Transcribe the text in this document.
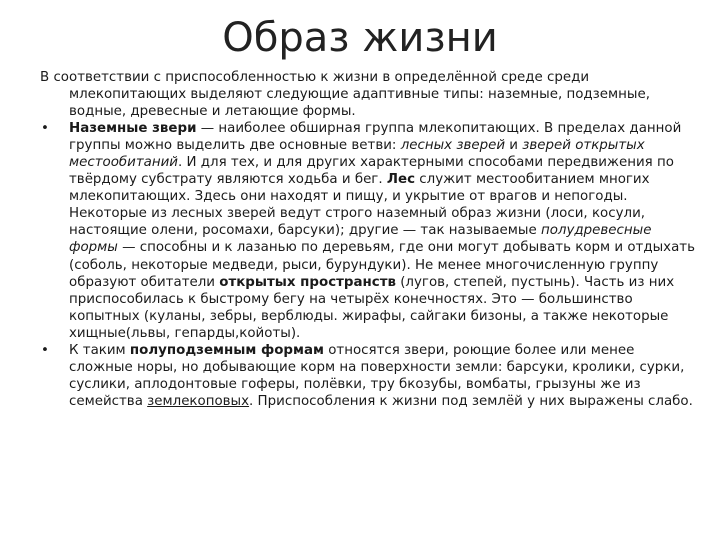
Образ жизни

В соответствии с приспособленностью к жизни в определённой среде среди млекопитающих выделяют следующие адаптивные типы: наземные, подземные, водные, древесные и летающие формы.

• Наземные звери — наиболее обширная группа млекопитающих. В пределах данной группы можно выделить две основные ветви: лесных зверей и зверей открытых местообитаний. И для тех, и для других характерными способами передвижения по твёрдому субстрату являются ходьба и бег. Лес служит местообитанием многих млекопитающих. Здесь они находят и пищу, и укрытие от врагов и непогоды. Некоторые из лесных зверей ведут строго наземный образ жизни (лоси, косули, настоящие олени, росомахи, барсуки); другие — так называемые полудревесные формы — способны и к лазанью по деревьям, где они могут добывать корм и отдыхать (соболь, некоторые медведи, рыси, бурундуки). Не менее многочисленную группу образуют обитатели открытых пространств (лугов, степей, пустынь). Часть из них приспособилась к быстрому бегу на четырёх конечностях. Это — большинство копытных (куланы, зебры, верблюды. жирафы, сайгаки бизоны, а также некоторые хищные(львы, гепарды,койоты).
• К таким полуподземным формам относятся звери, роющие более или менее сложные норы, но добывающие корм на поверхности земли: барсуки, кролики, сурки, суслики, аплодонтовые гоферы, полёвки, тру бкозубы, вомбаты, грызуны же из семейства землекоповых. Приспособления к жизни под землёй у них выражены слабо.
